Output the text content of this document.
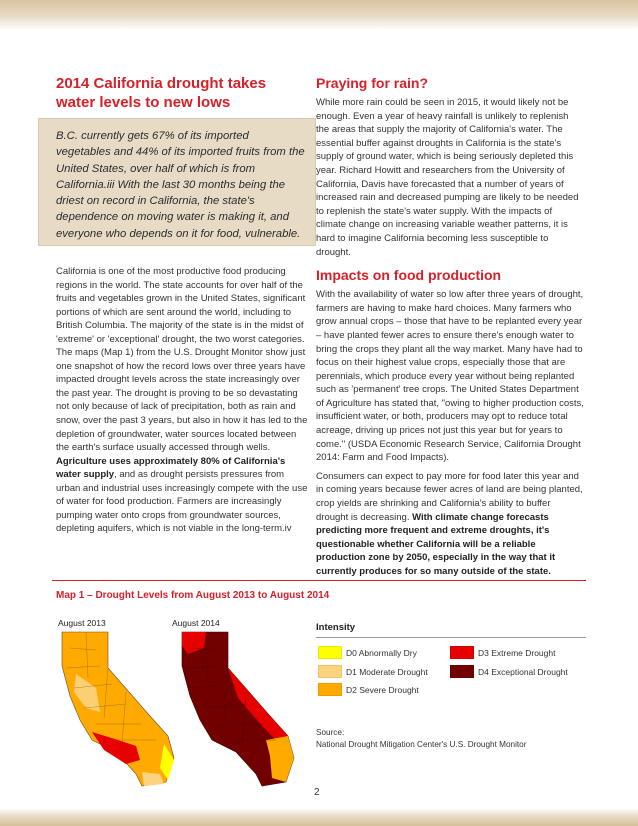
2014 California drought takes water levels to new lows
B.C. currently gets 67% of its imported vegetables and 44% of its imported fruits from the United States, over half of which is from California.iii With the last 30 months being the driest on record in California, the state's dependence on moving water is making it, and everyone who depends on it for food, vulnerable.
California is one of the most productive food producing regions in the world. The state accounts for over half of the fruits and vegetables grown in the United States, significant portions of which are sent around the world, including to British Columbia. The majority of the state is in the midst of 'extreme' or 'exceptional' drought, the two worst categories. The maps (Map 1) from the U.S. Drought Monitor show just one snapshot of how the record lows over three years have impacted drought levels across the state increasingly over the past year. The drought is proving to be so devastating not only because of lack of precipitation, both as rain and snow, over the past 3 years, but also in how it has led to the depletion of groundwater, water sources located between the earth's surface usually accessed through wells. Agriculture uses approximately 80% of California's water supply, and as drought persists pressures from urban and industrial uses increasingly compete with the use of water for food production. Farmers are increasingly pumping water onto crops from groundwater sources, depleting aquifers, which is not viable in the long-term.iv
Praying for rain?

While more rain could be seen in 2015, it would likely not be enough. Even a year of heavy rainfall is unlikely to replenish the areas that supply the majority of California's water. The essential buffer against droughts in California is the state's supply of ground water, which is being seriously depleted this year. Richard Howitt and researchers from the University of California, Davis have forecasted that a number of years of increased rain and decreased pumping are likely to be needed to replenish the state's water supply. With the impacts of climate change on increasing variable weather patterns, it is hard to imagine California becoming less susceptible to drought.

Impacts on food production

With the availability of water so low after three years of drought, farmers are having to make hard choices. Many farmers who grow annual crops – those that have to be replanted every year – have planted fewer acres to ensure there's enough water to bring the crops they plant all the way market. Many have had to focus on their highest value crops, especially those that are perennials, which produce every year without being replanted such as 'permanent' tree crops. The United States Department of Agriculture has stated that, "owing to higher production costs, insufficient water, or both, producers may opt to reduce total acreage, driving up prices not just this year but for years to come." (USDA Economic Research Service, California Drought 2014: Farm and Food Impacts).

Consumers can expect to pay more for food later this year and in coming years because fewer acres of land are being planted, crop yields are shrinking and California's ability to buffer drought is decreasing. With climate change forecasts predicting more frequent and extreme droughts, it's questionable whether California will be a reliable production zone by 2050, especially in the way that it currently produces for so many outside of the state.

Map 1 – Drought Levels from August 2013 to August 2014
August 2013	August 2014	Intensity
D0 Abnormally Dry
D1 Moderate Drought
D2 Severe Drought
D3 Extreme Drought
D4 Exceptional Drought
Source:
National Drought Mitigation Center's U.S. Drought Monitor
2
